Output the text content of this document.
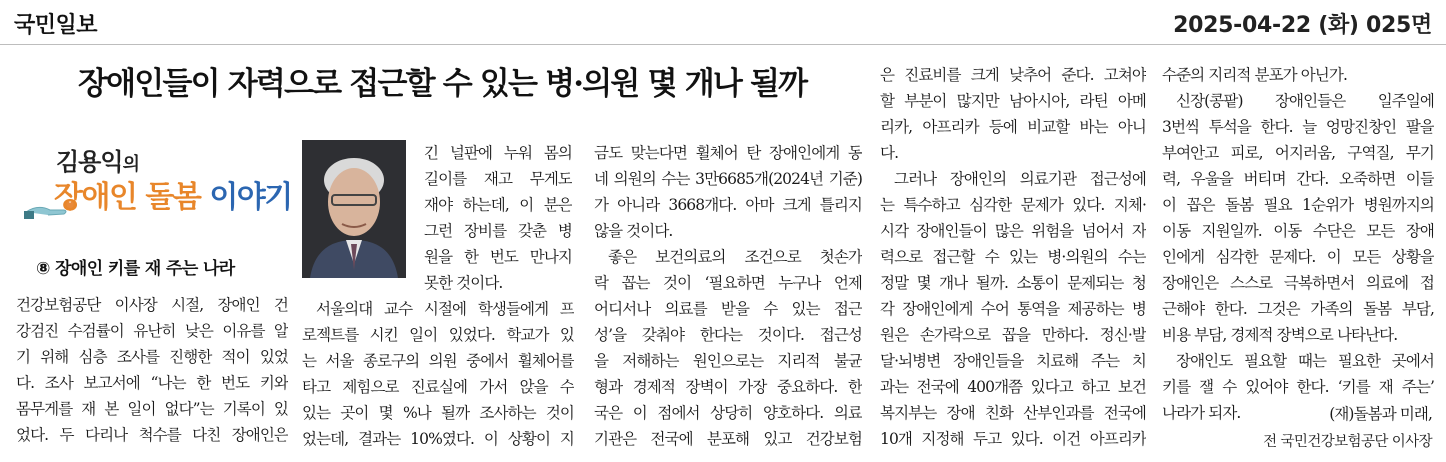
국민일보	2025-04-22 (화) 025면
장애인들이 자력으로 접근할 수 있는 병·의원 몇 개나 될까
김용익의
장애인 돌봄 이야기
⑧ 장애인 키를 재 주는 나라
건강보험공단 이사장 시절, 장애인 건
강검진 수검률이 유난히 낮은 이유를 알
기 위해 심층 조사를 진행한 적이 있었
다. 조사 보고서에 “나는 한 번도 키와
몸무게를 재 본 일이 없다”는 기록이 있
었다. 두 다리나 척수를 다친 장애인은
긴 널판에 누워 몸의
길이를 재고 무게도
재야 하는데, 이 분은
그런 장비를 갖춘 병
원을 한 번도 만나지
못한 것이다.
서울의대 교수 시절에 학생들에게 프
로젝트를 시킨 일이 있었다. 학교가 있
는 서울 종로구의 의원 중에서 휠체어를
타고 제힘으로 진료실에 가서 앉을 수
있는 곳이 몇 %나 될까 조사하는 것이
었는데, 결과는 10%였다. 이 상황이 지
금도 맞는다면 휠체어 탄 장애인에게 동
네 의원의 수는 3만6685개(2024년 기준)
가 아니라 3668개다. 아마 크게 틀리지
않을 것이다.
좋은 보건의료의 조건으로 첫손가
락 꼽는 것이 ‘필요하면 누구나 언제
어디서나 의료를 받을 수 있는 접근
성’을 갖춰야 한다는 것이다. 접근성
을 저해하는 원인으로는 지리적 불균
형과 경제적 장벽이 가장 중요하다. 한
국은 이 점에서 상당히 양호하다. 의료
기관은 전국에 분포해 있고 건강보험
은 진료비를 크게 낮추어 준다. 고쳐야
할 부분이 많지만 남아시아, 라틴 아메
리카, 아프리카 등에 비교할 바는 아니
다.
그러나 장애인의 의료기관 접근성에
는 특수하고 심각한 문제가 있다. 지체·
시각 장애인들이 많은 위험을 넘어서 자
력으로 접근할 수 있는 병·의원의 수는
정말 몇 개나 될까. 소통이 문제되는 청
각 장애인에게 수어 통역을 제공하는 병
원은 손가락으로 꼽을 만하다. 정신·발
달·뇌병변 장애인들을 치료해 주는 치
과는 전국에 400개쯤 있다고 하고 보건
복지부는 장애 친화 산부인과를 전국에
10개 지정해 두고 있다. 이건 아프리카
수준의 지리적 분포가 아닌가.
신장(콩팥) 장애인들은 일주일에
3번씩 투석을 한다. 늘 엉망진창인 팔을
부여안고 피로, 어지러움, 구역질, 무기
력, 우울을 버티며 간다. 오죽하면 이들
이 꼽은 돌봄 필요 1순위가 병원까지의
이동 지원일까. 이동 수단은 모든 장애
인에게 심각한 문제다. 이 모든 상황을
장애인은 스스로 극복하면서 의료에 접
근해야 한다. 그것은 가족의 돌봄 부담,
비용 부담, 경제적 장벽으로 나타난다.
장애인도 필요할 때는 필요한 곳에서
키를 잴 수 있어야 한다. ‘키를 재 주는’
나라가 되자.	(재)돌봄과 미래,
전 국민건강보험공단 이사장
